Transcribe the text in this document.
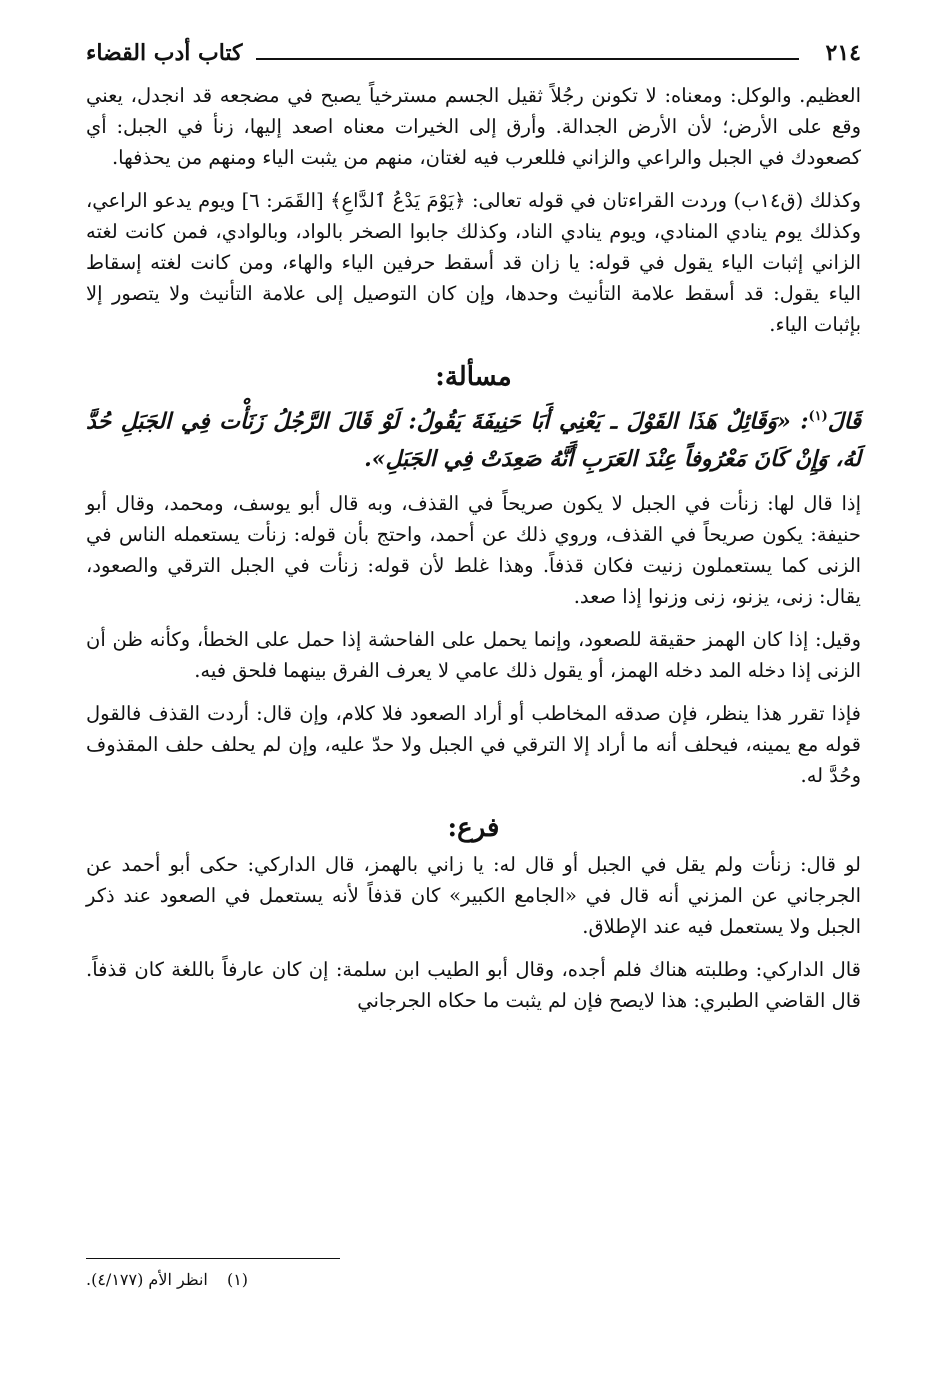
٢١٤
كتاب أدب القضاء

العظيم. والوكل: ومعناه: لا تكونن رجُلاً ثقيل الجسم مسترخياً يصبح في مضجعه قد انجدل، يعني وقع على الأرض؛ لأن الأرض الجدالة. وأرق إلى الخيرات معناه اصعد إليها، زنأ في الجبل: أي كصعودك في الجبل والراعي والزاني فللعرب فيه لغتان، منهم من يثبت الياء ومنهم من يحذفها.

وكذلك (ق١٤ب) وردت القراءتان في قوله تعالى: ﴿يَوْمَ يَدْعُ ٱلدَّاعِ﴾ [القَمَر: ٦] ويوم يدعو الراعي، وكذلك يوم ينادي المنادي، ويوم ينادي الناد، وكذلك جابوا الصخر بالواد، وبالوادي، فمن كانت لغته الزاني إثبات الياء يقول في قوله: يا زان قد أسقط حرفين الياء والهاء، ومن كانت لغته إسقاط الياء يقول: قد أسقط علامة التأنيث وحدها، وإن كان التوصيل إلى علامة التأنيث ولا يتصور إلا بإثبات الياء.

مسألة:

قَالَ$^{(١)}$: «وَقَائِلٌ هَذَا القَوْلَ ـ يَعْنِي أَبَا حَنِيفَةَ يَقُولُ: لَوْ قَالَ الرَّجُلُ زَنَأْت فِي الجَبَلِ حُدَّ لَهُ، وَإِنْ كَانَ مَعْرُوفاً عِنْدَ العَرَبِ أَنَّهُ صَعِدَتْ فِي الجَبَلِ».

إذا قال لها: زنأت في الجبل لا يكون صريحاً في القذف، وبه قال أبو يوسف، ومحمد، وقال أبو حنيفة: يكون صريحاً في القذف، وروي ذلك عن أحمد، واحتج بأن قوله: زنأت يستعمله الناس في الزنى كما يستعملون زنيت فكان قذفاً. وهذا غلط لأن قوله: زنأت في الجبل الترقي والصعود، يقال: زنى، يزنو، زنى وزنوا إذا صعد.

وقيل: إذا كان الهمز حقيقة للصعود، وإنما يحمل على الفاحشة إذا حمل على الخطأ، وكأنه ظن أن الزنى إذا دخله المد دخله الهمز، أو يقول ذلك عامي لا يعرف الفرق بينهما فلحق فيه.

فإذا تقرر هذا ينظر، فإن صدقه المخاطب أو أراد الصعود فلا كلام، وإن قال: أردت القذف فالقول قوله مع يمينه، فيحلف أنه ما أراد إلا الترقي في الجبل ولا حدّ عليه، وإن لم يحلف حلف المقذوف وحُدَّ له.

فرع:

لو قال: زنأت ولم يقل في الجبل أو قال له: يا زاني بالهمز، قال الداركي: حكى أبو أحمد عن الجرجاني عن المزني أنه قال في «الجامع الكبير» كان قذفاً لأنه يستعمل في الصعود عند ذكر الجبل ولا يستعمل فيه عند الإطلاق.

قال الداركي: وطلبته هناك فلم أجده، وقال أبو الطيب ابن سلمة: إن كان عارفاً باللغة كان قذفاً. قال القاضي الطبري: هذا لايصح فإن لم يثبت ما حكاه الجرجاني

(١) انظر الأم (٤/١٧٧).
